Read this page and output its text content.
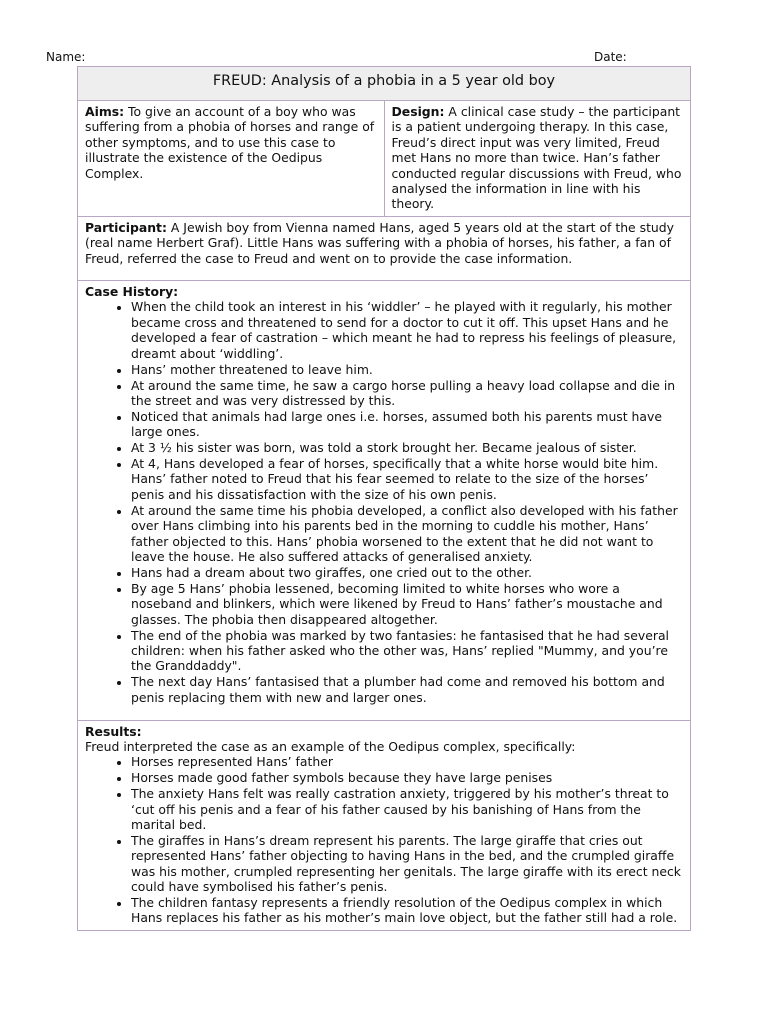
Name:	Date:
FREUD: Analysis of a phobia in a 5 year old boy
Aims: To give an account of a boy who was suffering from a phobia of horses and range of other symptoms, and to use this case to illustrate the existence of the Oedipus Complex.	Design: A clinical case study – the participant is a patient undergoing therapy. In this case, Freud’s direct input was very limited, Freud met Hans no more than twice. Han’s father conducted regular discussions with Freud, who analysed the information in line with his theory.
Participant: A Jewish boy from Vienna named Hans, aged 5 years old at the start of the study (real name Herbert Graf). Little Hans was suffering with a phobia of horses, his father, a fan of Freud, referred the case to Freud and went on to provide the case information.

Case History:
• When the child took an interest in his ‘widdler’ – he played with it regularly, his mother became cross and threatened to send for a doctor to cut it off. This upset Hans and he developed a fear of castration – which meant he had to repress his feelings of pleasure, dreamt about ‘widdling’.
• Hans’ mother threatened to leave him.
• At around the same time, he saw a cargo horse pulling a heavy load collapse and die in the street and was very distressed by this.
• Noticed that animals had large ones i.e. horses, assumed both his parents must have large ones.
• At 3 ½ his sister was born, was told a stork brought her. Became jealous of sister.
• At 4, Hans developed a fear of horses, specifically that a white horse would bite him. Hans’ father noted to Freud that his fear seemed to relate to the size of the horses’ penis and his dissatisfaction with the size of his own penis.
• At around the same time his phobia developed, a conflict also developed with his father over Hans climbing into his parents bed in the morning to cuddle his mother, Hans’ father objected to this. Hans’ phobia worsened to the extent that he did not want to leave the house. He also suffered attacks of generalised anxiety.
• Hans had a dream about two giraffes, one cried out to the other.
• By age 5 Hans’ phobia lessened, becoming limited to white horses who wore a noseband and blinkers, which were likened by Freud to Hans’ father’s moustache and glasses. The phobia then disappeared altogether.
• The end of the phobia was marked by two fantasies: he fantasised that he had several children: when his father asked who the other was, Hans’ replied "Mummy, and you’re the Granddaddy".
• The next day Hans’ fantasised that a plumber had come and removed his bottom and penis replacing them with new and larger ones.

Results:
Freud interpreted the case as an example of the Oedipus complex, specifically:
• Horses represented Hans’ father
• Horses made good father symbols because they have large penises
• The anxiety Hans felt was really castration anxiety, triggered by his mother’s threat to ‘cut off his penis and a fear of his father caused by his banishing of Hans from the marital bed.
• The giraffes in Hans’s dream represent his parents. The large giraffe that cries out represented Hans’ father objecting to having Hans in the bed, and the crumpled giraffe was his mother, crumpled representing her genitals. The large giraffe with its erect neck could have symbolised his father’s penis.
• The children fantasy represents a friendly resolution of the Oedipus complex in which Hans replaces his father as his mother’s main love object, but the father still had a role.
